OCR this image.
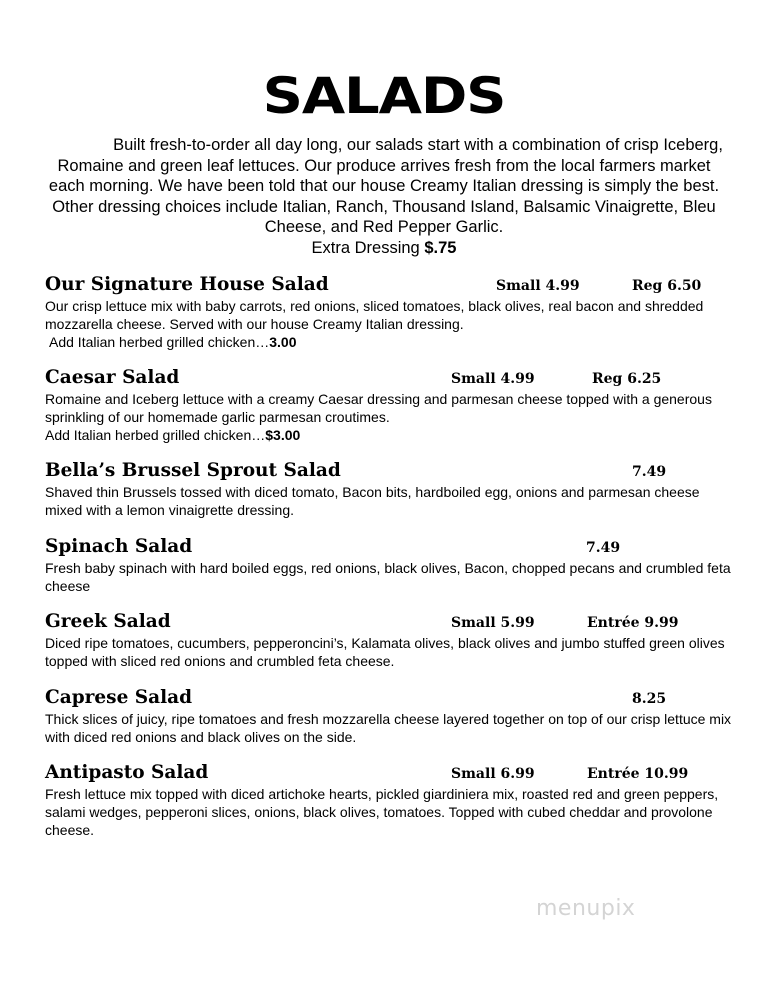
SALADS
Built fresh-to-order all day long, our salads start with a combination of crisp Iceberg, Romaine and green leaf lettuces. Our produce arrives fresh from the local farmers market each morning. We have been told that our house Creamy Italian dressing is simply the best. Other dressing choices include Italian, Ranch, Thousand Island, Balsamic Vinaigrette, Bleu Cheese, and Red Pepper Garlic.
Extra Dressing $.75
Our Signature House Salad	Small 4.99	Reg 6.50
Our crisp lettuce mix with baby carrots, red onions, sliced tomatoes, black olives, real bacon and shredded mozzarella cheese. Served with our house Creamy Italian dressing.
Add Italian herbed grilled chicken…3.00
Caesar Salad	Small 4.99	Reg 6.25
Romaine and Iceberg lettuce with a creamy Caesar dressing and parmesan cheese topped with a generous sprinkling of our homemade garlic parmesan croutimes.
Add Italian herbed grilled chicken…$3.00
Bella’s Brussel Sprout Salad	7.49
Shaved thin Brussels tossed with diced tomato, Bacon bits, hardboiled egg, onions and parmesan cheese mixed with a lemon vinaigrette dressing.
Spinach Salad	7.49
Fresh baby spinach with hard boiled eggs, red onions, black olives, Bacon, chopped pecans and crumbled feta cheese
Greek Salad	Small 5.99	Entrée 9.99
Diced ripe tomatoes, cucumbers, pepperoncini’s, Kalamata olives, black olives and jumbo stuffed green olives topped with sliced red onions and crumbled feta cheese.
Caprese Salad	8.25
Thick slices of juicy, ripe tomatoes and fresh mozzarella cheese layered together on top of our crisp lettuce mix with diced red onions and black olives on the side.
Antipasto Salad	Small 6.99	Entrée 10.99
Fresh lettuce mix topped with diced artichoke hearts, pickled giardiniera mix, roasted red and green peppers, salami wedges, pepperoni slices, onions, black olives, tomatoes. Topped with cubed cheddar and provolone cheese.
menupix
